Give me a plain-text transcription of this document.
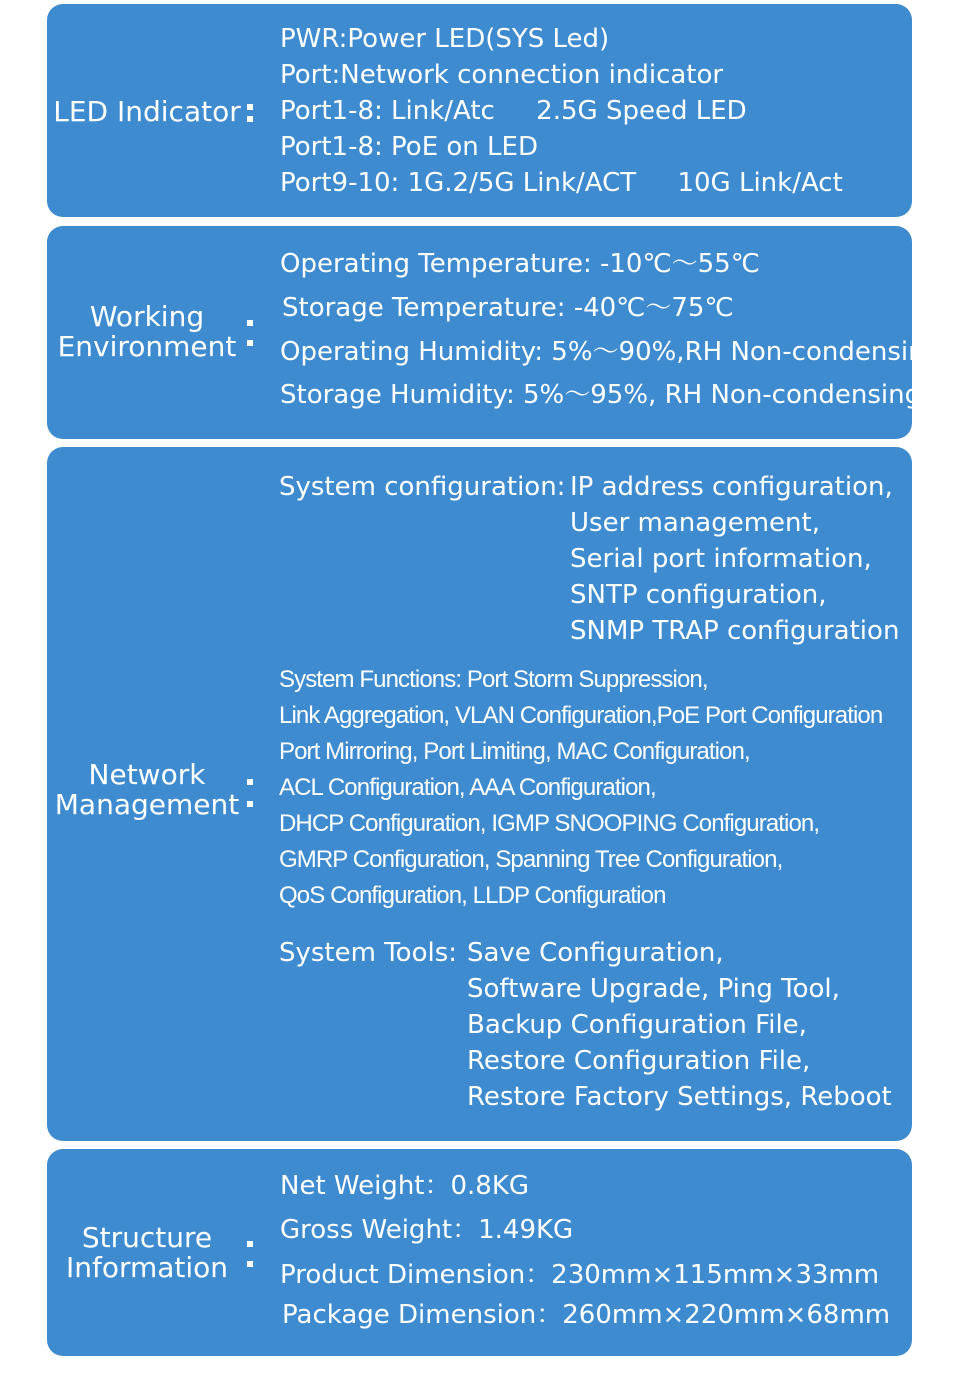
LED Indicator
PWR:Power LED(SYS Led)
Port:Network connection indicator
Port1-8: Link/Atc     2.5G Speed LED
Port1-8: PoE on LED
Port9-10: 1G.2/5G Link/ACT     10G Link/Act
Working
Environment
Operating Temperature: -10℃～55℃
Storage Temperature: -40℃～75℃
Operating Humidity: 5%～90%,RH Non-condensing
Storage Humidity: 5%～95%, RH Non-condensing
Network
Management
System configuration: IP address configuration,
User management,
Serial port information,
SNTP configuration,
SNMP TRAP configuration
System Functions: Port Storm Suppression,
Link Aggregation, VLAN Configuration,PoE Port Configuration
Port Mirroring, Port Limiting, MAC Configuration,
ACL Configuration, AAA Configuration,
DHCP Configuration, IGMP SNOOPING Configuration,
GMRP Configuration, Spanning Tree Configuration,
QoS Configuration, LLDP Configuration
System Tools: Save Configuration,
Software Upgrade, Ping Tool,
Backup Configuration File,
Restore Configuration File,
Restore Factory Settings, Reboot
Structure
Information
Net Weight：0.8KG
Gross Weight：1.49KG
Product Dimension：230mm×115mm×33mm
Package Dimension：260mm×220mm×68mm
